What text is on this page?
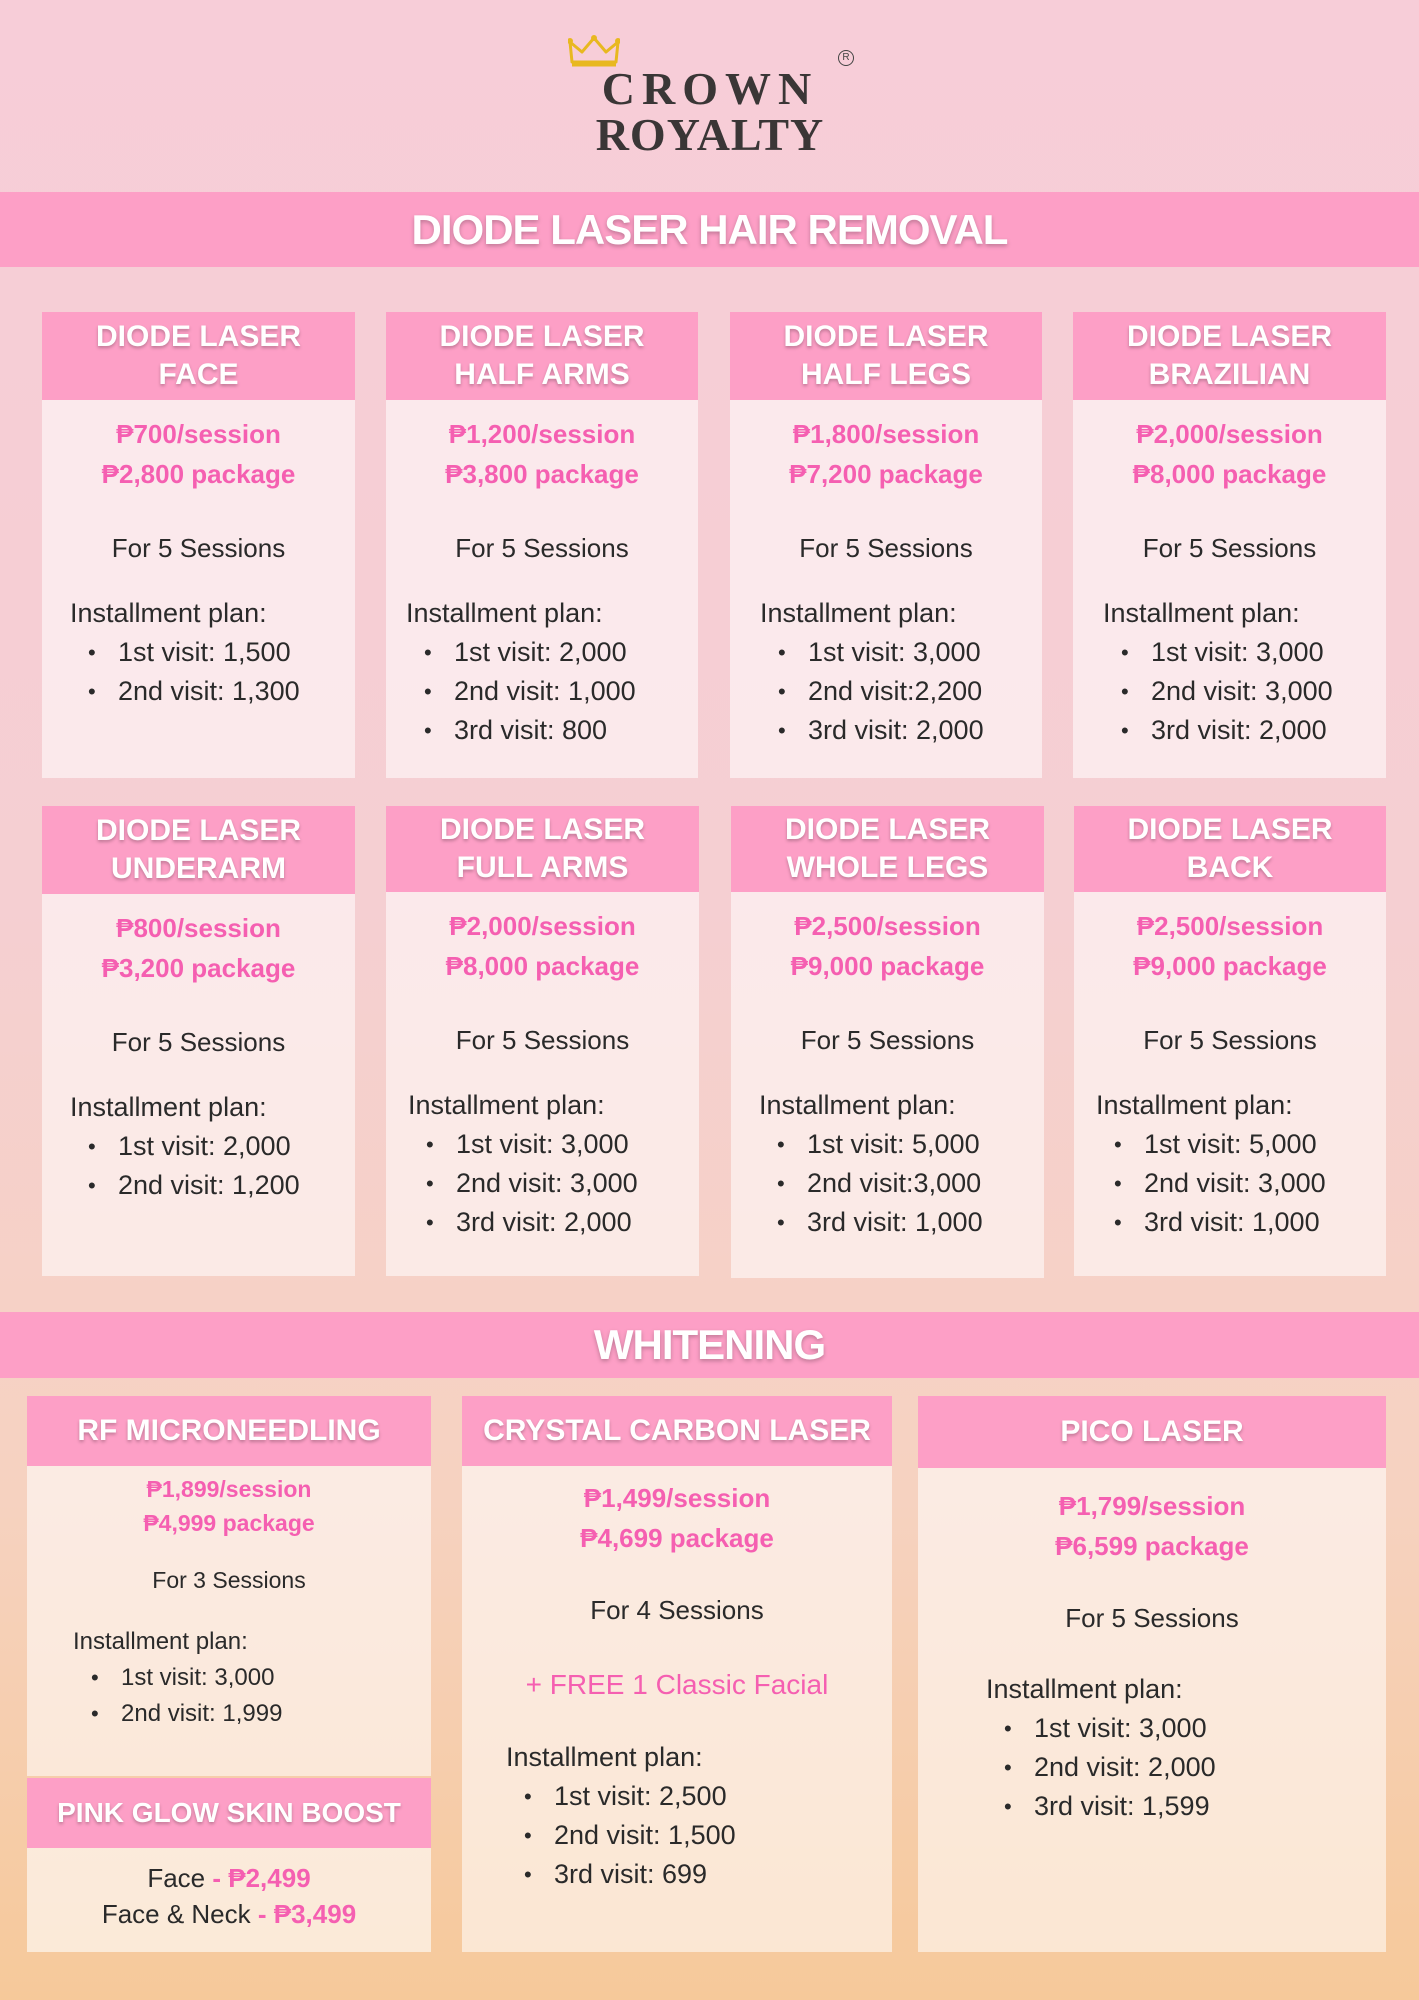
R
CROWN
ROYALTY
DIODE LASER HAIR REMOVAL
DIODE LASER
FACE
₱700/session
₱2,800 package
For 5 Sessions
Installment plan:
• 1st visit: 1,500
• 2nd visit: 1,300
DIODE LASER
HALF ARMS
₱1,200/session
₱3,800 package
For 5 Sessions
Installment plan:
• 1st visit: 2,000
• 2nd visit: 1,000
• 3rd visit: 800
DIODE LASER
HALF LEGS
₱1,800/session
₱7,200 package
For 5 Sessions
Installment plan:
• 1st visit: 3,000
• 2nd visit:2,200
• 3rd visit: 2,000
DIODE LASER
BRAZILIAN
₱2,000/session
₱8,000 package
For 5 Sessions
Installment plan:
• 1st visit: 3,000
• 2nd visit: 3,000
• 3rd visit: 2,000
DIODE LASER
UNDERARM
₱800/session
₱3,200 package
For 5 Sessions
Installment plan:
• 1st visit: 2,000
• 2nd visit: 1,200
DIODE LASER
FULL ARMS
₱2,000/session
₱8,000 package
For 5 Sessions
Installment plan:
• 1st visit: 3,000
• 2nd visit: 3,000
• 3rd visit: 2,000
DIODE LASER
WHOLE LEGS
₱2,500/session
₱9,000 package
For 5 Sessions
Installment plan:
• 1st visit: 5,000
• 2nd visit:3,000
• 3rd visit: 1,000
DIODE LASER
BACK
₱2,500/session
₱9,000 package
For 5 Sessions
Installment plan:
• 1st visit: 5,000
• 2nd visit: 3,000
• 3rd visit: 1,000
WHITENING
RF MICRONEEDLING
₱1,899/session
₱4,999 package
For 3 Sessions
Installment plan:
• 1st visit: 3,000
• 2nd visit: 1,999
PINK GLOW SKIN BOOST
Face - ₱2,499
Face & Neck - ₱3,499
CRYSTAL CARBON LASER
₱1,499/session
₱4,699 package
For 4 Sessions
+ FREE 1 Classic Facial
Installment plan:
• 1st visit: 2,500
• 2nd visit: 1,500
• 3rd visit: 699
PICO LASER
₱1,799/session
₱6,599 package
For 5 Sessions
Installment plan:
• 1st visit: 3,000
• 2nd visit: 2,000
• 3rd visit: 1,599
